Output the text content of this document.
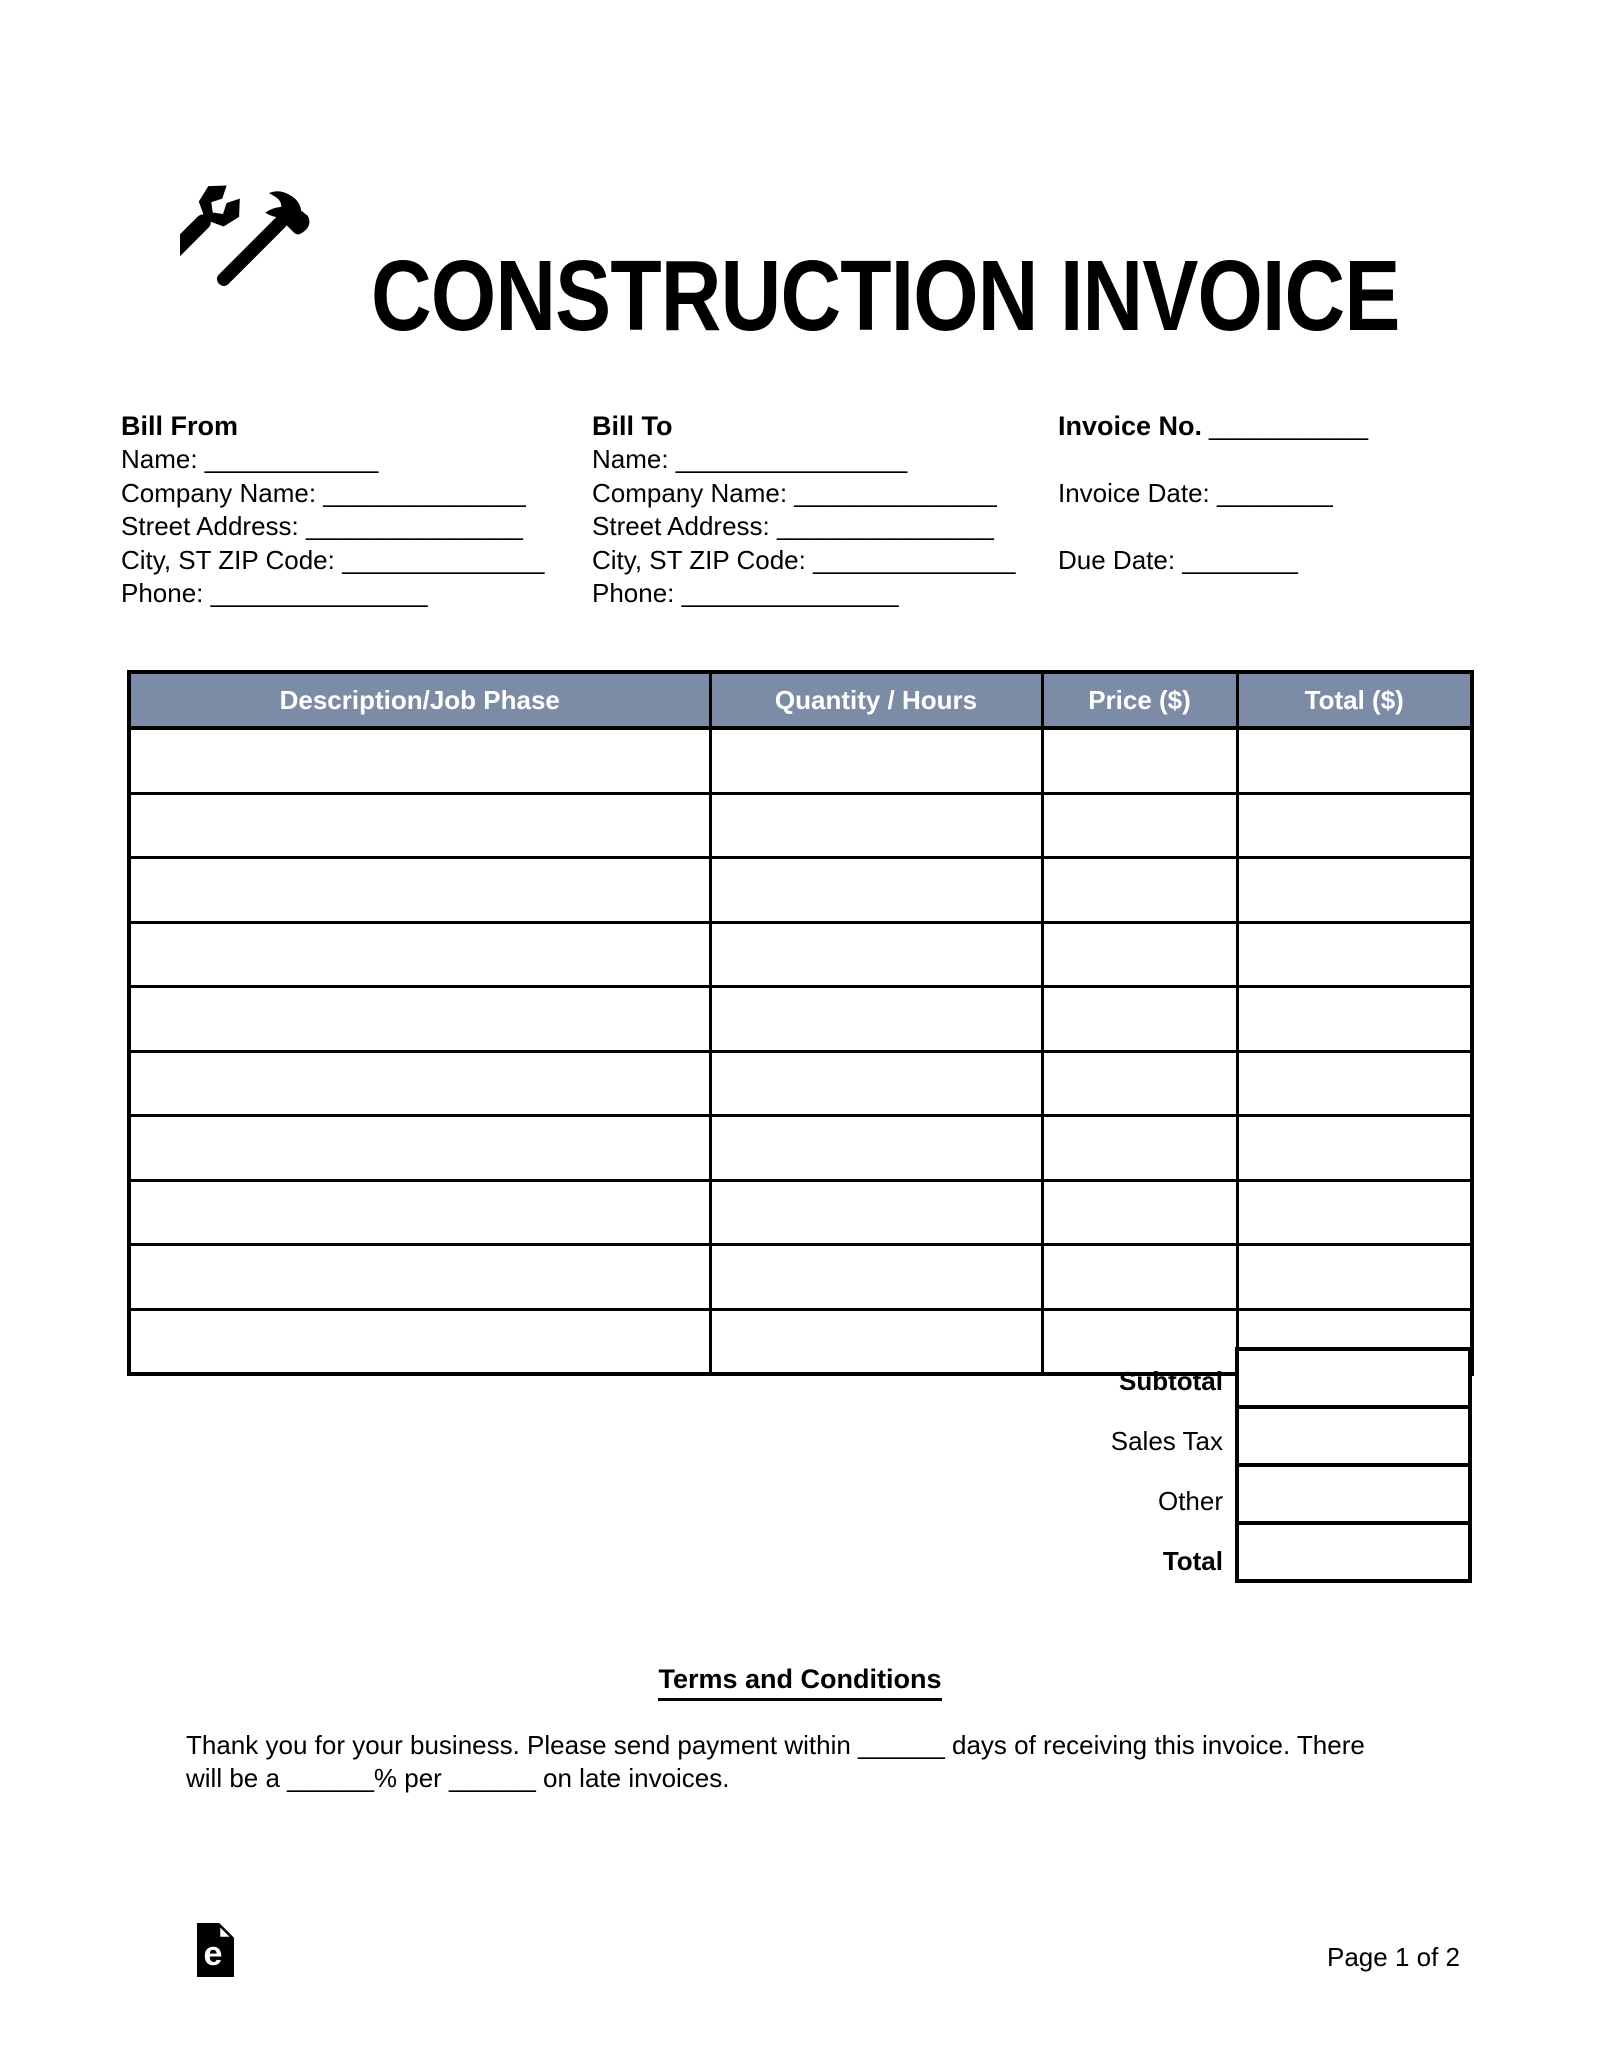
CONSTRUCTION INVOICE
Bill From
Name: ____________
Company Name: ______________
Street Address: _______________
City, ST ZIP Code: ______________
Phone: _______________
Bill To
Name: ________________
Company Name: ______________
Street Address: _______________
City, ST ZIP Code: ______________
Phone: _______________
Invoice No. ___________
Invoice Date: ________
Due Date: ________
Description/Job Phase	Quantity / Hours	Price ($)	Total ($)

Subtotal
Sales Tax
Other
Total

Terms and Conditions
Thank you for your business. Please send payment within ______ days of receiving this invoice. There will be a ______% per ______ on late invoices.
e	Page 1 of 2
